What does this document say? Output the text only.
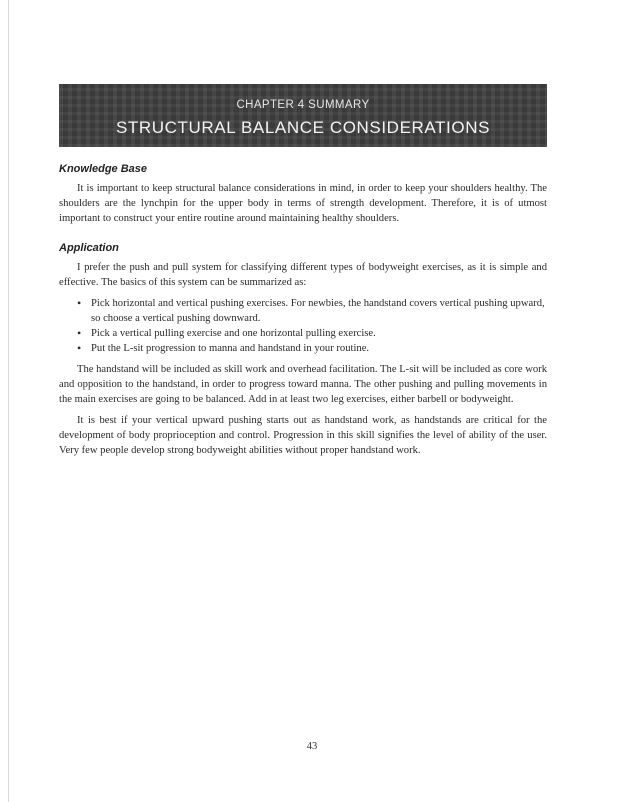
CHAPTER 4 SUMMARY
STRUCTURAL BALANCE CONSIDERATIONS
Knowledge Base

It is important to keep structural balance considerations in mind, in order to keep your shoulders healthy. The shoulders are the lynchpin for the upper body in terms of strength development. Therefore, it is of utmost important to construct your entire routine around maintaining healthy shoulders.

Application

I prefer the push and pull system for classifying different types of bodyweight exercises, as it is simple and effective. The basics of this system can be summarized as:

• Pick horizontal and vertical pushing exercises. For newbies, the handstand covers vertical pushing upward, so choose a vertical pushing downward.
• Pick a vertical pulling exercise and one horizontal pulling exercise.
• Put the L-sit progression to manna and handstand in your routine.

The handstand will be included as skill work and overhead facilitation. The L-sit will be included as core work and opposition to the handstand, in order to progress toward manna. The other pushing and pulling movements in the main exercises are going to be balanced. Add in at least two leg exercises, either barbell or bodyweight.

It is best if your vertical upward pushing starts out as handstand work, as handstands are critical for the development of body proprioception and control. Progression in this skill signifies the level of ability of the user. Very few people develop strong bodyweight abilities without proper handstand work.

43
